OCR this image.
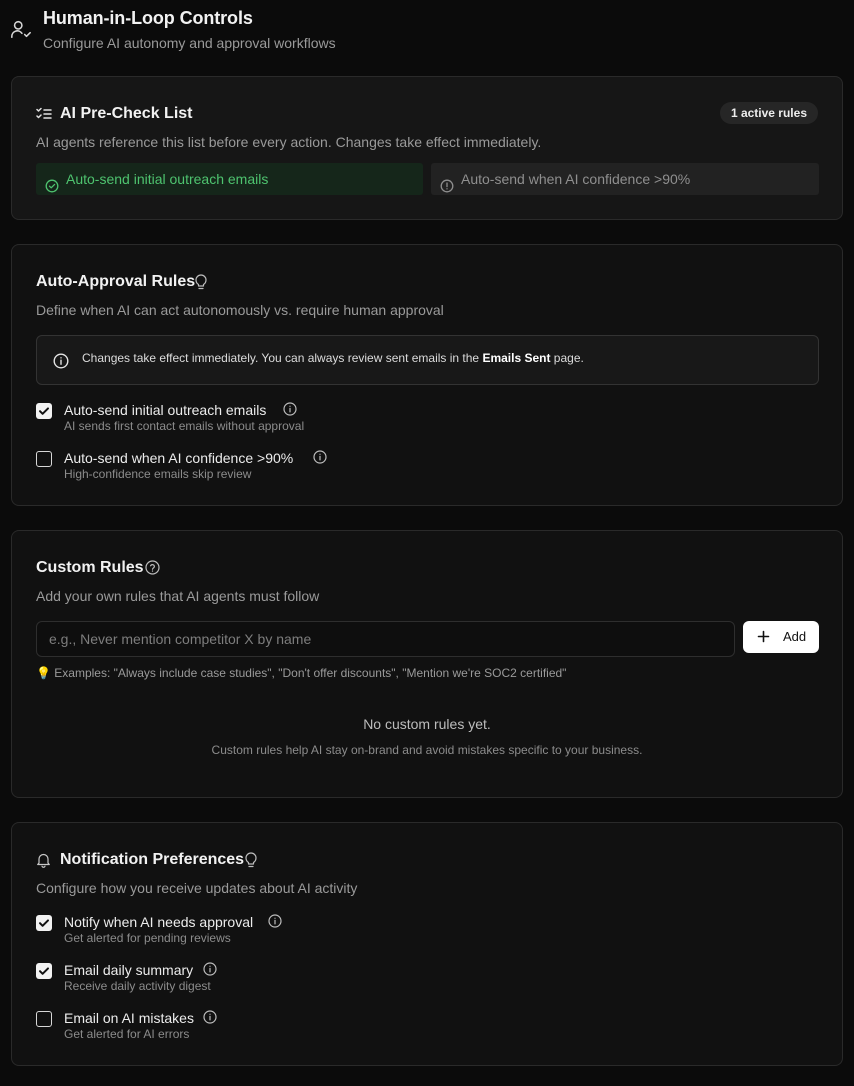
Human-in-Loop Controls
Configure AI autonomy and approval workflows
AI Pre-Check List	1 active rules
AI agents reference this list before every action. Changes take effect immediately.
Auto-send initial outreach emails	Auto-send when AI confidence >90%
Auto-Approval Rules
Define when AI can act autonomously vs. require human approval
Changes take effect immediately. You can always review sent emails in the Emails Sent page.
Auto-send initial outreach emails
AI sends first contact emails without approval
Auto-send when AI confidence >90%
High-confidence emails skip review
Custom Rules
Add your own rules that AI agents must follow
e.g., Never mention competitor X by name
Add
💡 Examples: "Always include case studies", "Don't offer discounts", "Mention we're SOC2 certified"
No custom rules yet.
Custom rules help AI stay on-brand and avoid mistakes specific to your business.
Notification Preferences
Configure how you receive updates about AI activity
Notify when AI needs approval
Get alerted for pending reviews
Email daily summary
Receive daily activity digest
Email on AI mistakes
Get alerted for AI errors
